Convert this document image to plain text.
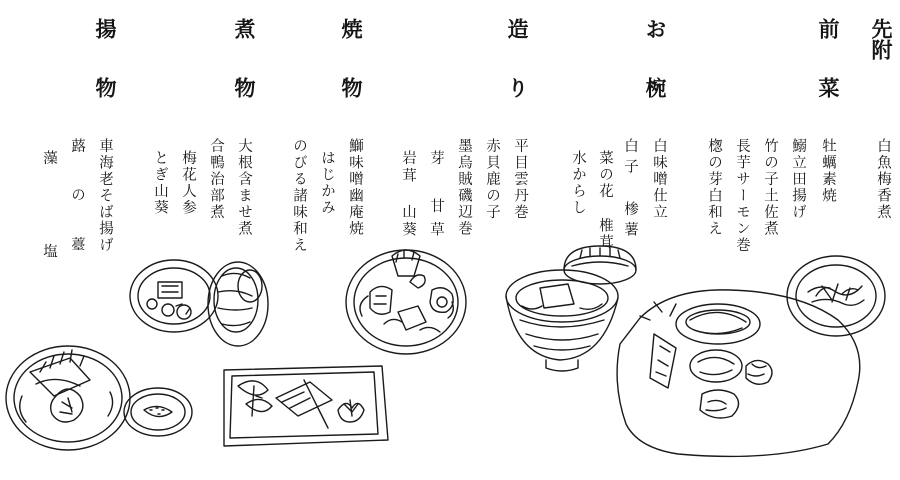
先附
前菜
お椀
造り
焼物
煮物
揚物
白魚梅香煮
牡蠣素焼
鰯立田揚げ
竹の子土佐煮
長芋サーモン巻
楤の芽白和え
白味噌仕立
白子 椮薯
菜の花 椎茸
水からし
平目雲丹巻
赤貝鹿の子
墨烏賊磯辺巻
芽 甘草
岩茸 山葵
鰤味噌幽庵焼
はじかみ
のびる諸味和え
大根含ませ煮
合鴨治部煮
梅花人参
とぎ山葵
車海老そば揚げ
蕗の薹
藻 塩
